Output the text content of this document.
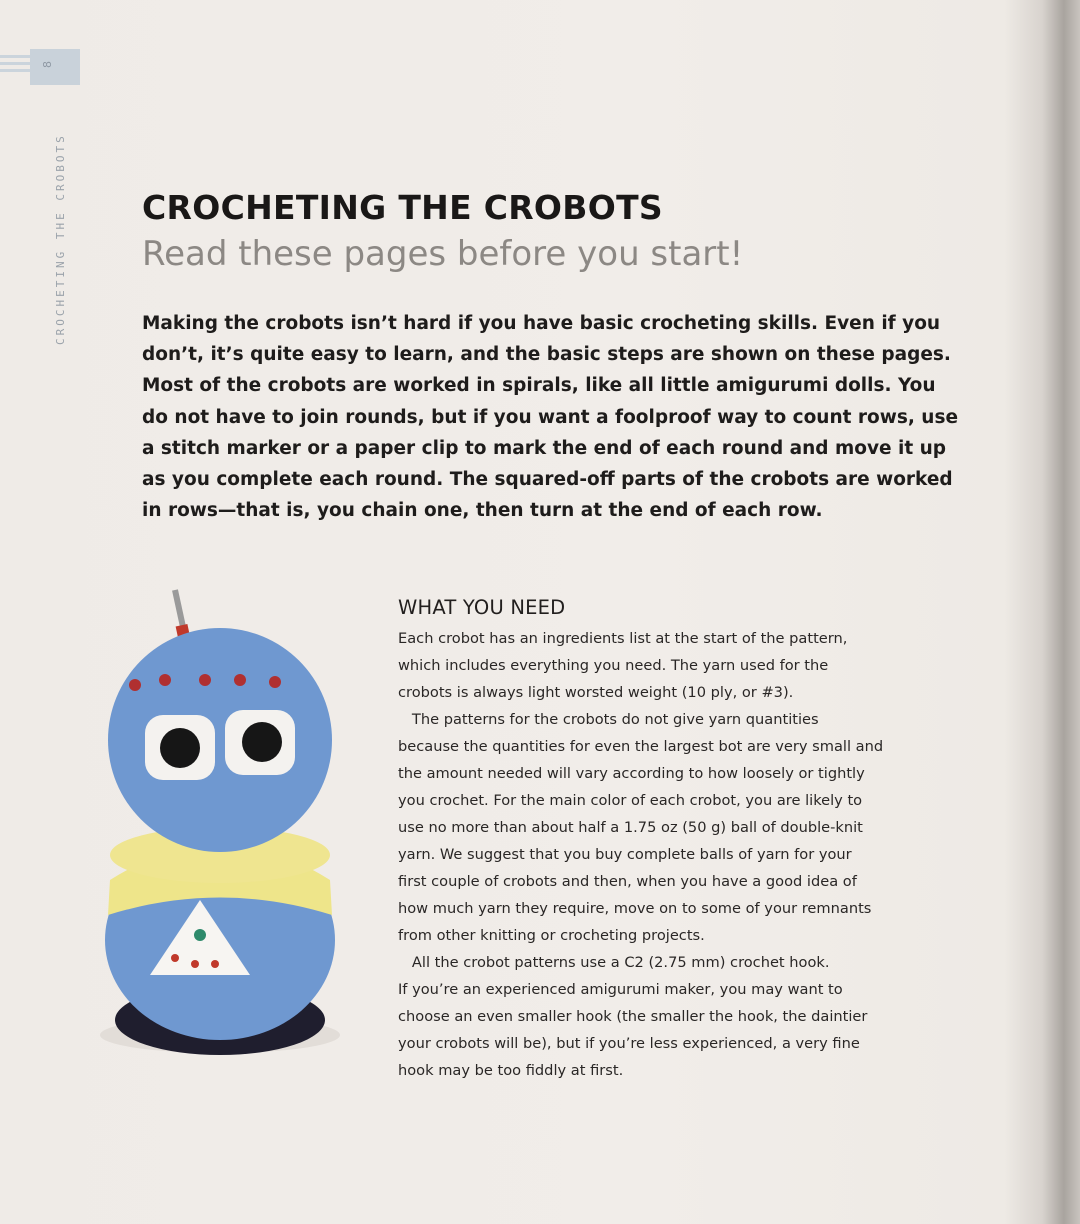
8
CROCHETING THE CROBOTS CROCHETING THE CROBOTS
Read these pages before you start!
Making the crobots isn’t hard if you have basic crocheting skills. Even if you
don’t, it’s quite easy to learn, and the basic steps are shown on these pages.
Most of the crobots are worked in spirals, like all little amigurumi dolls. You
do not have to join rounds, but if you want a foolproof way to count rows, use
a stitch marker or a paper clip to mark the end of each round and move it up
as you complete each round. The squared-off parts of the crobots are worked
in rows—that is, you chain one, then turn at the end of each row.
WHAT YOU NEED
Each crobot has an ingredients list at the start of the pattern,
which includes everything you need. The yarn used for the
crobots is always light worsted weight (10 ply, or #3).
The patterns for the crobots do not give yarn quantities
because the quantities for even the largest bot are very small and
the amount needed will vary according to how loosely or tightly
you crochet. For the main color of each crobot, you are likely to
use no more than about half a 1.75 oz (50 g) ball of double-knit
yarn. We suggest that you buy complete balls of yarn for your
first couple of crobots and then, when you have a good idea of
how much yarn they require, move on to some of your remnants
from other knitting or crocheting projects.
All the crobot patterns use a C2 (2.75 mm) crochet hook.
If you’re an experienced amigurumi maker, you may want to
choose an even smaller hook (the smaller the hook, the daintier
your crobots will be), but if you’re less experienced, a very fine
hook may be too fiddly at first.
